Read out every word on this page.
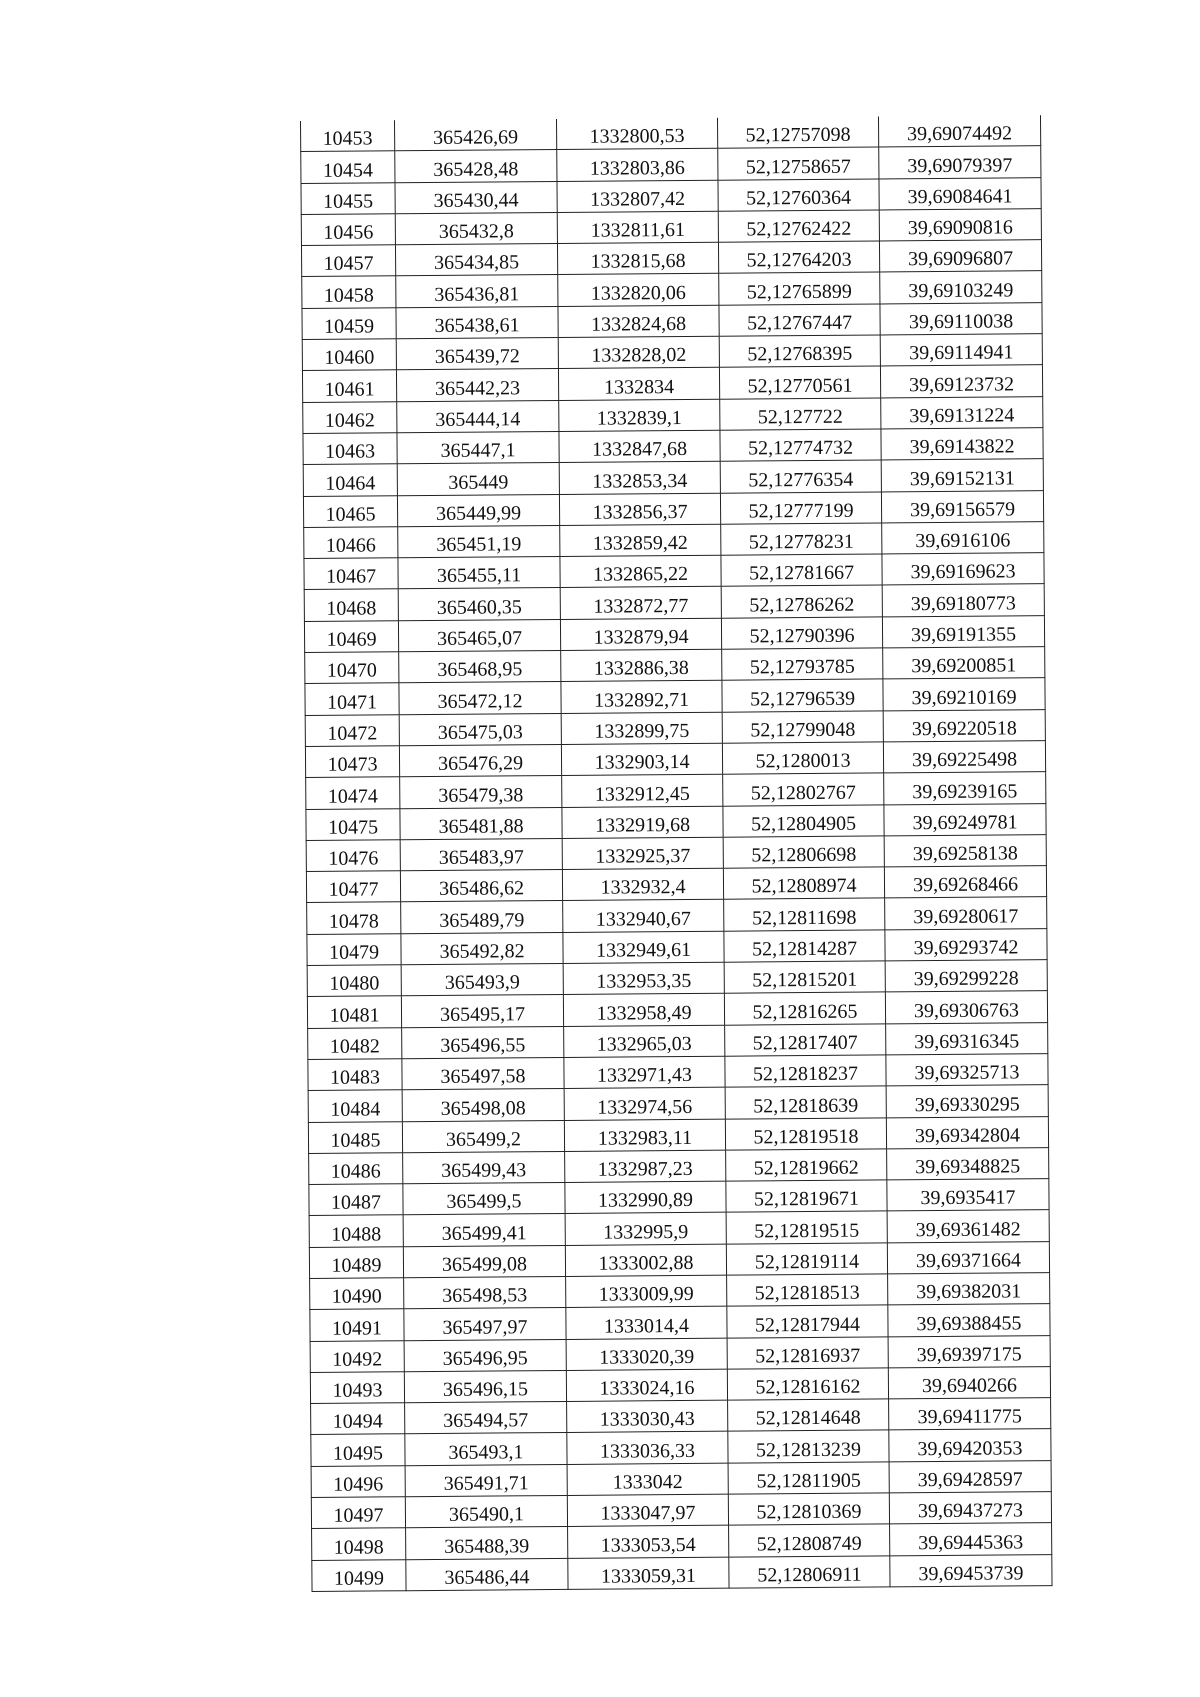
10453	365426,69	1332800,53	52,12757098	39,69074492
10454	365428,48	1332803,86	52,12758657	39,69079397
10455	365430,44	1332807,42	52,12760364	39,69084641
10456	365432,8	1332811,61	52,12762422	39,69090816
10457	365434,85	1332815,68	52,12764203	39,69096807
10458	365436,81	1332820,06	52,12765899	39,69103249
10459	365438,61	1332824,68	52,12767447	39,69110038
10460	365439,72	1332828,02	52,12768395	39,69114941
10461	365442,23	1332834	52,12770561	39,69123732
10462	365444,14	1332839,1	52,127722	39,69131224
10463	365447,1	1332847,68	52,12774732	39,69143822
10464	365449	1332853,34	52,12776354	39,69152131
10465	365449,99	1332856,37	52,12777199	39,69156579
10466	365451,19	1332859,42	52,12778231	39,6916106
10467	365455,11	1332865,22	52,12781667	39,69169623
10468	365460,35	1332872,77	52,12786262	39,69180773
10469	365465,07	1332879,94	52,12790396	39,69191355
10470	365468,95	1332886,38	52,12793785	39,69200851
10471	365472,12	1332892,71	52,12796539	39,69210169
10472	365475,03	1332899,75	52,12799048	39,69220518
10473	365476,29	1332903,14	52,1280013	39,69225498
10474	365479,38	1332912,45	52,12802767	39,69239165
10475	365481,88	1332919,68	52,12804905	39,69249781
10476	365483,97	1332925,37	52,12806698	39,69258138
10477	365486,62	1332932,4	52,12808974	39,69268466
10478	365489,79	1332940,67	52,12811698	39,69280617
10479	365492,82	1332949,61	52,12814287	39,69293742
10480	365493,9	1332953,35	52,12815201	39,69299228
10481	365495,17	1332958,49	52,12816265	39,69306763
10482	365496,55	1332965,03	52,12817407	39,69316345
10483	365497,58	1332971,43	52,12818237	39,69325713
10484	365498,08	1332974,56	52,12818639	39,69330295
10485	365499,2	1332983,11	52,12819518	39,69342804
10486	365499,43	1332987,23	52,12819662	39,69348825
10487	365499,5	1332990,89	52,12819671	39,6935417
10488	365499,41	1332995,9	52,12819515	39,69361482
10489	365499,08	1333002,88	52,12819114	39,69371664
10490	365498,53	1333009,99	52,12818513	39,69382031
10491	365497,97	1333014,4	52,12817944	39,69388455
10492	365496,95	1333020,39	52,12816937	39,69397175
10493	365496,15	1333024,16	52,12816162	39,6940266
10494	365494,57	1333030,43	52,12814648	39,69411775
10495	365493,1	1333036,33	52,12813239	39,69420353
10496	365491,71	1333042	52,12811905	39,69428597
10497	365490,1	1333047,97	52,12810369	39,69437273
10498	365488,39	1333053,54	52,12808749	39,69445363
10499	365486,44	1333059,31	52,12806911	39,69453739
